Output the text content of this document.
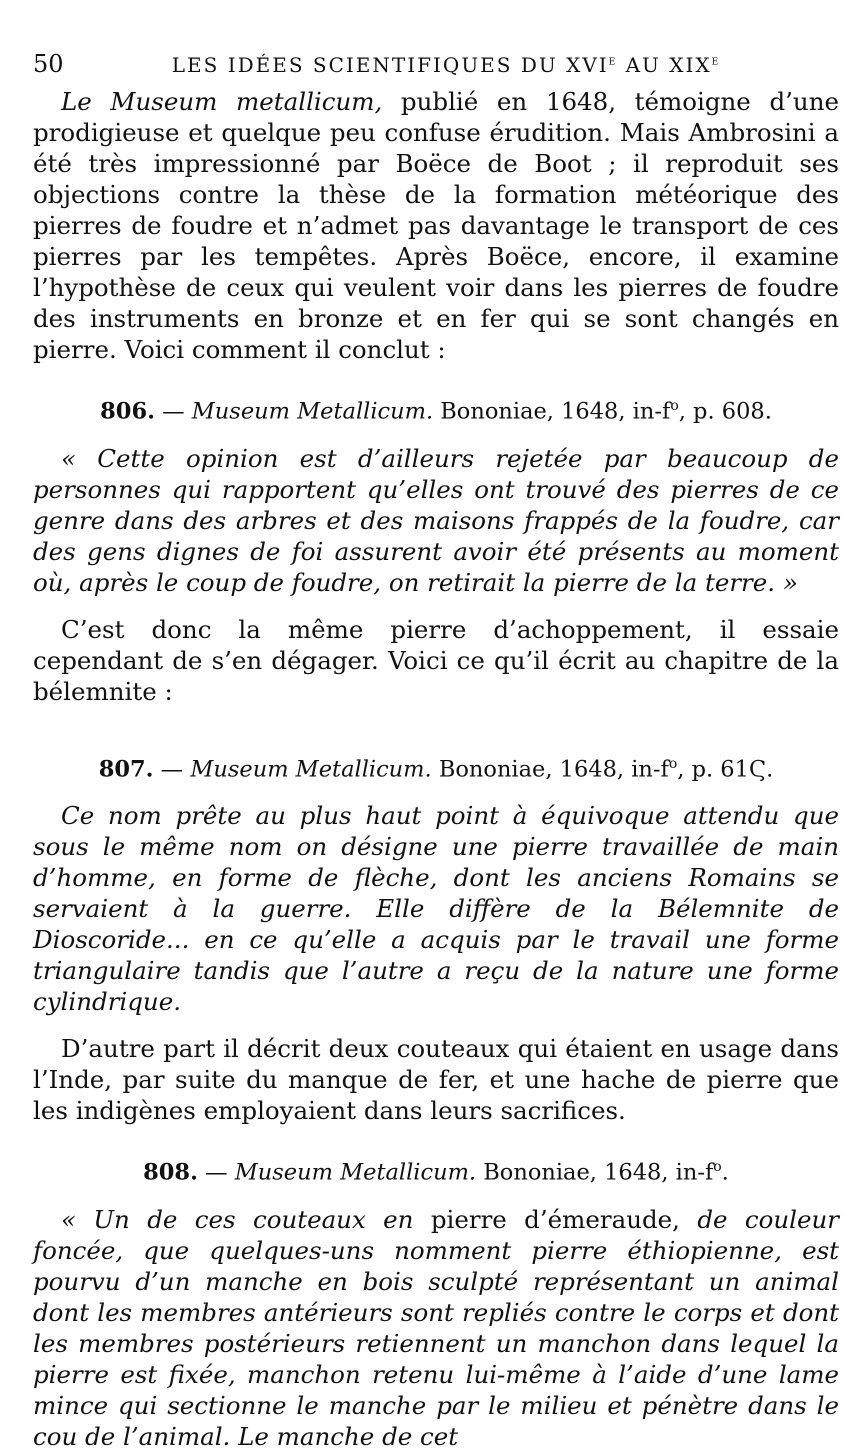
50	LES IDÉES SCIENTIFIQUES DU XVIe AU XIXe

Le Museum metallicum, publié en 1648, témoigne d’une prodigieuse et quelque peu confuse érudition. Mais Ambrosini a été très impressionné par Boëce de Boot ; il reproduit ses objections contre la thèse de la formation météorique des pierres de foudre et n’admet pas davantage le transport de ces pierres par les tempêtes. Après Boëce, encore, il examine l’hypothèse de ceux qui veulent voir dans les pierres de foudre des instruments en bronze et en fer qui se sont changés en pierre. Voici comment il conclut :

806. — Museum Metallicum. Bononiae, 1648, $in-f^o$, p. 608.

« Cette opinion est d’ailleurs rejetée par beaucoup de personnes qui rapportent qu’elles ont trouvé des pierres de ce genre dans des arbres et des maisons frappés de la foudre, car des gens dignes de foi assurent avoir été présents au moment où, après le coup de foudre, on retirait la pierre de la terre. »

C’est donc la même pierre d’achoppement, il essaie cependant de s’en dégager. Voici ce qu’il écrit au chapitre de la bélemnite :

807. — Museum Metallicum. Bononiae, 1648, $in-f^o$, p. 61Ϛ.

Ce nom prête au plus haut point à équivoque attendu que sous le même nom on désigne une pierre travaillée de main d’homme, en forme de flèche, dont les anciens Romains se servaient à la guerre. Elle diffère de la Bélemnite de Dioscoride... en ce qu’elle a acquis par le travail une forme triangulaire tandis que l’autre a reçu de la nature une forme cylindrique.

D’autre part il décrit deux couteaux qui étaient en usage dans l’Inde, par suite du manque de fer, et une hache de pierre que les indigènes employaient dans leurs sacrifices.

808. — Museum Metallicum. Bononiae, 1648, $in-f^o$.

« Un de ces couteaux en pierre d’émeraude, de couleur foncée, que quelques-uns nomment pierre éthiopienne, est pourvu d’un manche en bois sculpté représentant un animal dont les membres antérieurs sont repliés contre le corps et dont les membres postérieurs retiennent un manchon dans lequel la pierre est fixée, manchon retenu lui-même à l’aide d’une lame mince qui sectionne le manche par le milieu et pénètre dans le cou de l’animal. Le manche de cet
